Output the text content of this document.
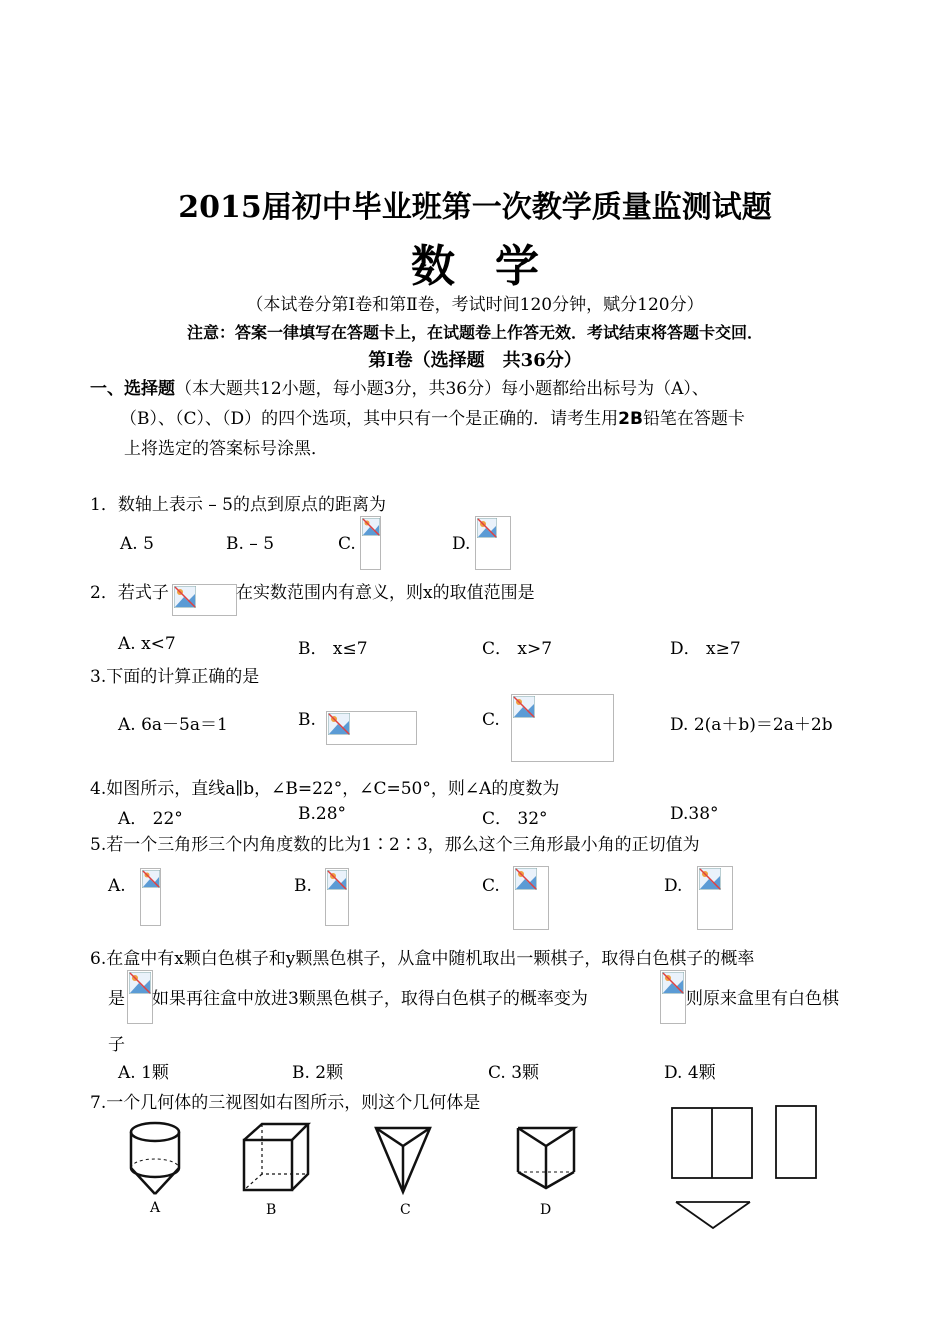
2015届初中毕业班第一次教学质量监测试题
数学
（本试卷分第Ⅰ卷和第Ⅱ卷，考试时间120分钟，赋分120分）
注意：答案一律填写在答题卡上，在试题卷上作答无效．考试结束将答题卡交回．
第Ⅰ卷（选择题　共36分）
一、选择题（本大题共12小题，每小题3分，共36分）每小题都给出标号为（A）、
（B）、（C）、（D）的四个选项，其中只有一个是正确的．请考生用2B铅笔在答题卡
上将选定的答案标号涂黑．
1．数轴上表示 – 5的点到原点的距离为
A. 5	B. – 5	C.	D.
2．若式子	在实数范围内有意义，则x的取值范围是
A. x<7	B． x≤7	C． x>7	D． x≥7
3.下面的计算正确的是
A. 6a－5a＝1	B.	C.	D. 2(a＋b)＝2a＋2b
4.如图所示，直线a∥b，∠B=22°，∠C=50°，则∠A的度数为
A． 22°	B.28°	C． 32°	D.38°
5.若一个三角形三个内角度数的比为1∶2∶3，那么这个三角形最小角的正切值为
A.	B.	C.	D.
6.在盒中有x颗白色棋子和y颗黑色棋子，从盒中随机取出一颗棋子，取得白色棋子的概率
是 如果再往盒中放进3颗黑色棋子，取得白色棋子的概率变为	则原来盒里有白色棋
子
A. 1颗	B. 2颗	C. 3颗	D. 4颗
7.一个几何体的三视图如右图所示，则这个几何体是
A	B	C	D
